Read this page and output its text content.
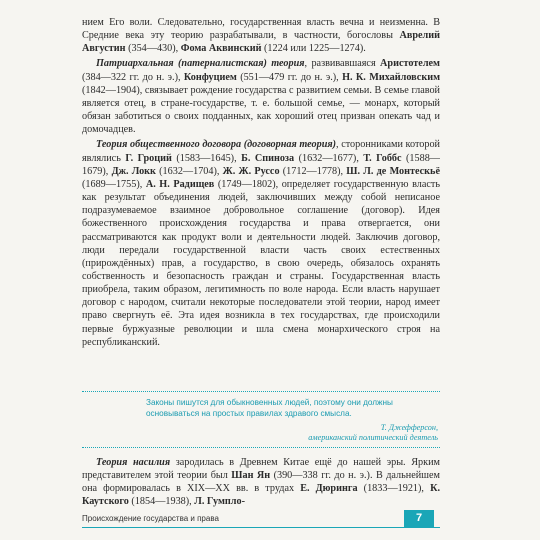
нием Его воли. Следовательно, государственная власть вечна и неизменна. В Средние века эту теорию разрабатывали, в частности, богословы Аврелий Августин (354—430), Фома Аквинский (1224 или 1225—1274).

Патриархальная (патерналистская) теория, развивавшаяся Аристотелем (384—322 гг. до н. э.), Конфуцием (551—479 гг. до н. э.), Н. К. Михайловским (1842—1904), связывает рождение государства с развитием семьи. В семье главой является отец, в стране-государстве, т. е. большой семье, — монарх, который обязан заботиться о своих подданных, как хороший отец призван опекать чад и домочадцев.

Теория общественного договора (договорная теория), сторонниками которой являлись Г. Гроций (1583—1645), Б. Спиноза (1632—1677), Т. Гоббс (1588—1679), Дж. Локк (1632—1704), Ж. Ж. Руссо (1712—1778), Ш. Л. де Монтескьё (1689—1755), А. Н. Радищев (1749—1802), определяет государственную власть как результат объединения людей, заключивших между собой неписаное подразумеваемое взаимное добровольное соглашение (договор). Идея божественного происхождения государства и права отвергается, они рассматриваются как продукт воли и деятельности людей. Заключив договор, люди передали государственной власти часть своих естественных (прирождённых) прав, а государство, в свою очередь, обязалось охранять собственность и безопасность граждан и страны. Государственная власть приобрела, таким образом, легитимность по воле народа. Если власть нарушает договор с народом, считали некоторые последователи этой теории, народ имеет право свергнуть её. Эта идея возникла в тех государствах, где происходили первые буржуазные революции и шла смена монархического строя на республиканский.

Законы пишутся для обыкновенных людей, поэтому они должны основываться на простых правилах здравого смысла.
Т. Джефферсон,
американский политический деятель

Теория насилия зародилась в Древнем Китае ещё до нашей эры. Ярким представителем этой теории был Шан Ян (390—338 гг. до н. э.). В дальнейшем она формировалась в XIX—XX вв. в трудах Е. Дюринга (1833—1921), К. Каутского (1854—1938), Л. Гумпло-

Происхождение государства и права	7
